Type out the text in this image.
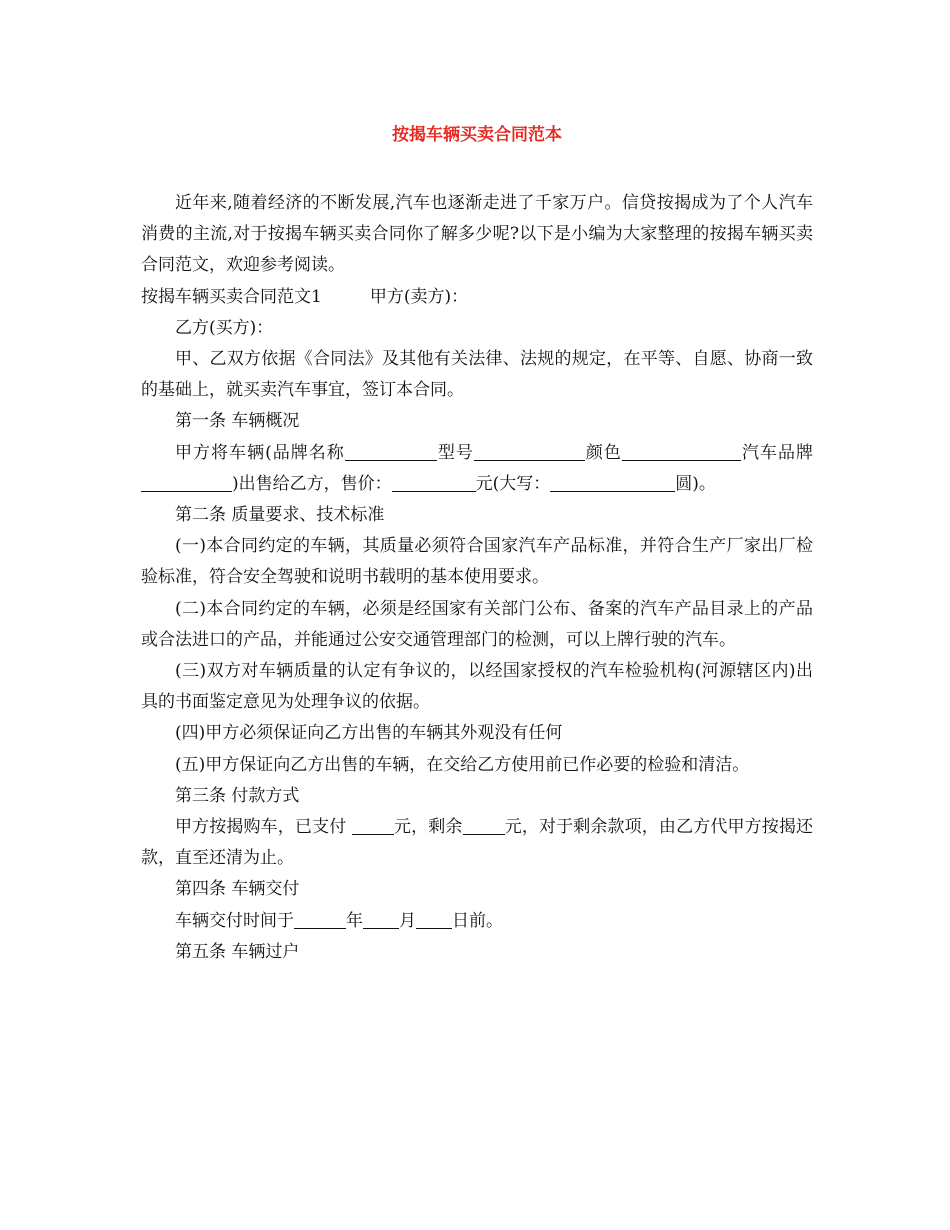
按揭车辆买卖合同范本

近年来,随着经济的不断发展,汽车也逐渐走进了千家万户。信贷按揭成为了个人汽车消费的主流,对于按揭车辆买卖合同你了解多少呢?以下是小编为大家整理的按揭车辆买卖合同范文，欢迎参考阅读。

按揭车辆买卖合同范文1	甲方(卖方)：

乙方(买方)：

甲、乙双方依据《合同法》及其他有关法律、法规的规定，在平等、自愿、协商一致的基础上，就买卖汽车事宜，签订本合同。

第一条 车辆概况

甲方将车辆(品牌名称	型号	颜色	汽车品牌)出售给乙方，售价：	元(大写：	圆)。

第二条 质量要求、技术标准

(一)本合同约定的车辆，其质量必须符合国家汽车产品标准，并符合生产厂家出厂检验标准，符合安全驾驶和说明书载明的基本使用要求。

(二)本合同约定的车辆，必须是经国家有关部门公布、备案的汽车产品目录上的产品或合法进口的产品，并能通过公安交通管理部门的检测，可以上牌行驶的汽车。

(三)双方对车辆质量的认定有争议的，以经国家授权的汽车检验机构(河源辖区内)出具的书面鉴定意见为处理争议的依据。

(四)甲方必须保证向乙方出售的车辆其外观没有任何

(五)甲方保证向乙方出售的车辆，在交给乙方使用前已作必要的检验和清洁。

第三条 付款方式

甲方按揭购车，已支付 元，剩余 元，对于剩余款项，由乙方代甲方按揭还款，直至还清为止。

第四条 车辆交付

车辆交付时间于	年 月 日前。

第五条 车辆过户
